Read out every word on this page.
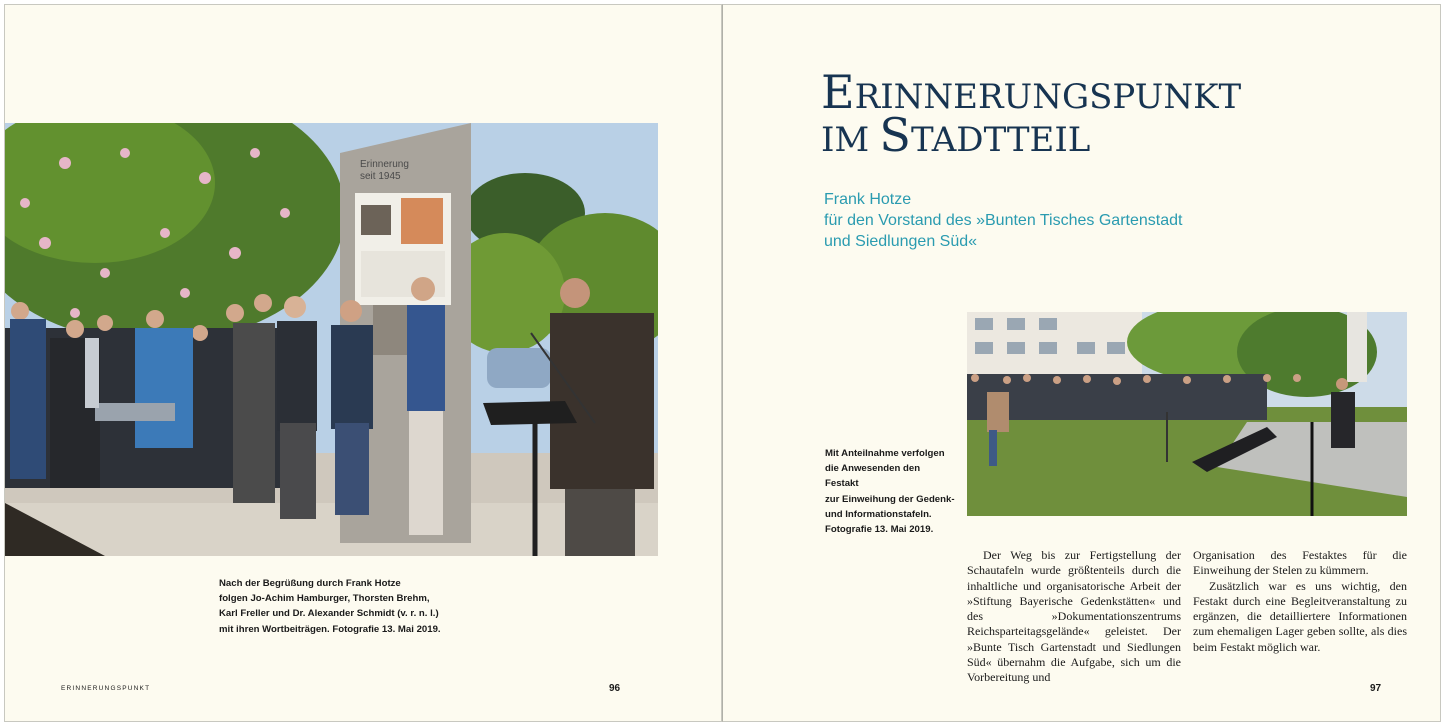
Erinnerung
seit 1945
Nach der Begrüßung durch Frank Hotze
folgen Jo-Achim Hamburger, Thorsten Brehm,
Karl Freller und Dr. Alexander Schmidt (v. r. n. l.)
mit ihren Wortbeiträgen. Fotografie 13. Mai 2019.
ERINNERUNGSPUNKT	96
ERINNERUNGSPUNKT
IM STADTTEIL
Frank Hotze
für den Vorstand des »Bunten Tisches Gartenstadt
und Siedlungen Süd«
Mit Anteilnahme verfolgen
die Anwesenden den Festakt
zur Einweihung der Gedenk-
und Informationstafeln.
Fotografie 13. Mai 2019.

Der Weg bis zur Fertigstellung der Schautafeln wurde größtenteils durch die inhaltliche und organisatorische Arbeit der »Stiftung Bayerische Gedenkstätten« und des »Dokumentationszentrums Reichsparteitagsgelände« geleistet. Der »Bunte Tisch Gartenstadt und Siedlungen Süd« übernahm die Aufgabe, sich um die Vorbereitung und

Organisation des Festaktes für die Einweihung der Stelen zu kümmern.

Zusätzlich war es uns wichtig, den Festakt durch eine Begleitveranstaltung zu ergänzen, die detailliertere Informationen zum ehemaligen Lager geben sollte, als dies beim Festakt möglich war.

97
